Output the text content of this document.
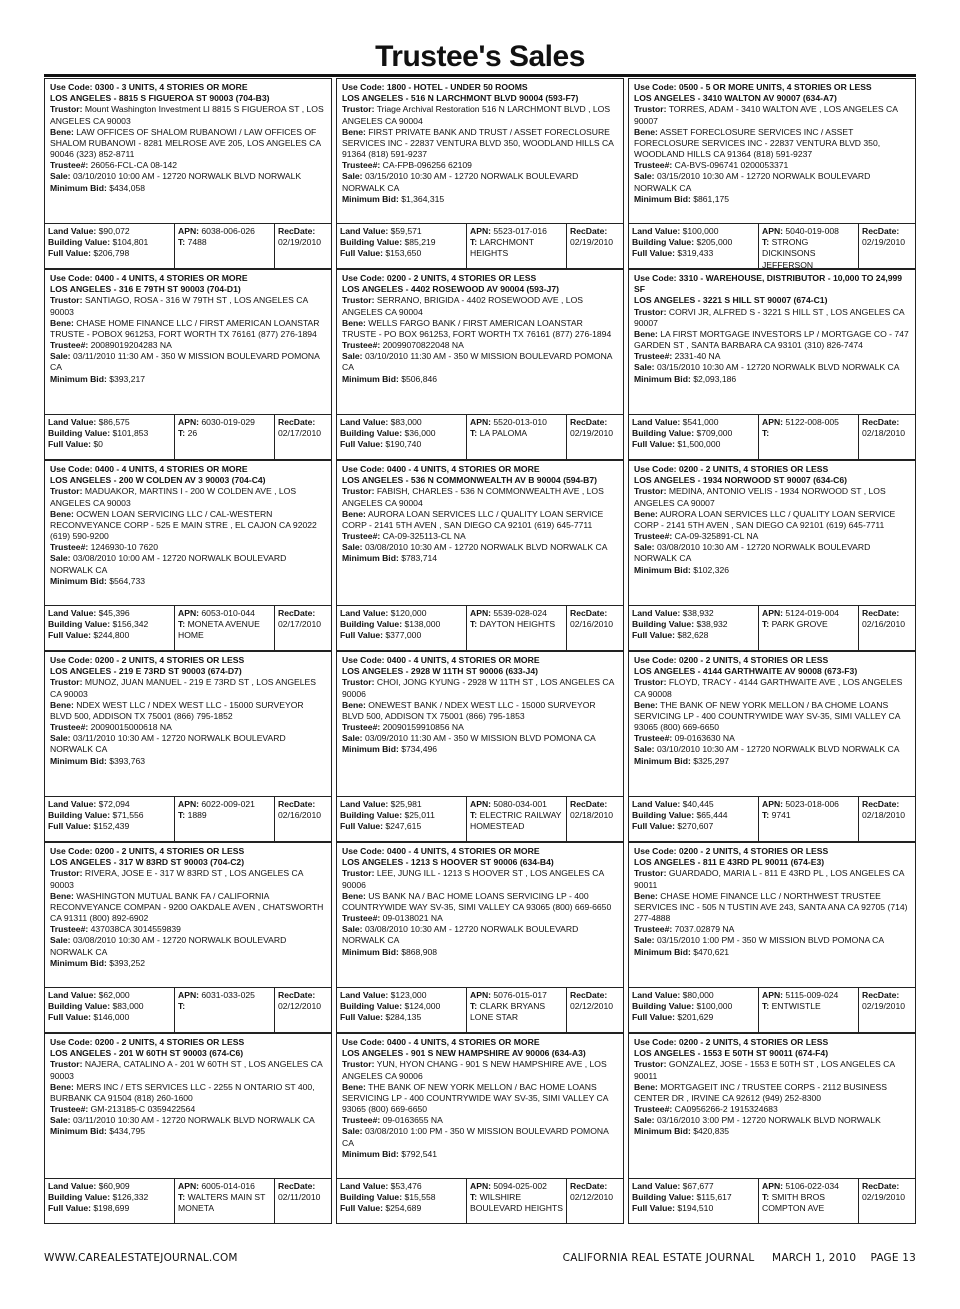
Trustee's Sales
Use Code: 0300 - 3 UNITS, 4 STORIES OR MORE
LOS ANGELES - 8815 S FIGUEROA ST 90003 (704-B3)
Trustor: Mount Washington Investment Ll 8815 S FIGUEROA ST , LOS ANGELES CA 90003
Bene: LAW OFFICES OF SHALOM RUBANOWI / LAW OFFICES OF SHALOM RUBANOWI - 8281 MELROSE AVE 205, LOS ANGELES CA 90046 (323) 852-8711
Trustee#: 26056-FCL-CA 08-142
Sale: 03/10/2010 10:00 AM - 12720 NORWALK BLVD NORWALK
Minimum Bid: $434,058
Land Value: $90,072
Building Value: $104,801
Full Value: $206,798
APN: 6038-006-026
T: 7488
RecDate:
02/19/2010
Use Code: 1800 - HOTEL - UNDER 50 ROOMS
LOS ANGELES - 516 N LARCHMONT BLVD 90004 (593-F7)
Trustor: Triage Archival Restoration 516 N LARCHMONT BLVD , LOS ANGELES CA 90004
Bene: FIRST PRIVATE BANK AND TRUST / ASSET FORECLOSURE SERVICES INC - 22837 VENTURA BLVD 350, WOODLAND HILLS CA 91364 (818) 591-9237
Trustee#: CA-FPB-096256 62109
Sale: 03/15/2010 10:30 AM - 12720 NORWALK BOULEVARD NORWALK CA
Minimum Bid: $1,364,315
Land Value: $59,571
Building Value: $85,219
Full Value: $153,650
APN: 5523-017-016
T: LARCHMONT HEIGHTS
RecDate:
02/19/2010
Use Code: 0500 - 5 OR MORE UNITS, 4 STORIES OR LESS
LOS ANGELES - 3410 WALTON AV 90007 (634-A7)
Trustor: TORRES, ADAM - 3410 WALTON AVE , LOS ANGELES CA 90007
Bene: ASSET FORECLOSURE SERVICES INC / ASSET FORECLOSURE SERVICES INC - 22837 VENTURA BLVD 350, WOODLAND HILLS CA 91364 (818) 591-9237
Trustee#: CA-BVS-096741 0200053371
Sale: 03/15/2010 10:30 AM - 12720 NORWALK BOULEVARD NORWALK CA
Minimum Bid: $861,175
Land Value: $100,000
Building Value: $205,000
Full Value: $319,433
APN: 5040-019-008
T: STRONG DICKINSONS JEFFERSON
RecDate:
02/19/2010
Use Code: 0400 - 4 UNITS, 4 STORIES OR MORE
LOS ANGELES - 316 E 79TH ST 90003 (704-D1)
Trustor: SANTIAGO, ROSA - 316 W 79TH ST , LOS ANGELES CA 90003
Bene: CHASE HOME FINANCE LLC / FIRST AMERICAN LOANSTAR TRUSTE - POBOX 961253, FORT WORTH TX 76161 (877) 276-1894
Trustee#: 20089019204283 NA
Sale: 03/11/2010 11:30 AM - 350 W MISSION BOULEVARD POMONA CA
Minimum Bid: $393,217
Land Value: $86,575
Building Value: $101,853
Full Value: $0
APN: 6030-019-029
T: 26
RecDate:
02/17/2010
Use Code: 0200 - 2 UNITS, 4 STORIES OR LESS
LOS ANGELES - 4402 ROSEWOOD AV 90004 (593-J7)
Trustor: SERRANO, BRIGIDA - 4402 ROSEWOOD AVE , LOS ANGELES CA 90004
Bene: WELLS FARGO BANK / FIRST AMERICAN LOANSTAR TRUSTE - PO BOX 961253, FORT WORTH TX 76161 (877) 276-1894
Trustee#: 20099070822048 NA
Sale: 03/10/2010 11:30 AM - 350 W MISSION BOULEVARD POMONA CA
Minimum Bid: $506,846
Land Value: $83,000
Building Value: $36,000
Full Value: $190,740
APN: 5520-013-010
T: LA PALOMA
RecDate:
02/19/2010
Use Code: 3310 - WAREHOUSE, DISTRIBUTOR - 10,000 TO 24,999 SF
LOS ANGELES - 3221 S HILL ST 90007 (674-C1)
Trustor: CORVI JR, ALFRED S - 3221 S HILL ST , LOS ANGELES CA 90007
Bene: LA FIRST MORTGAGE INVESTORS LP / MORTGAGE CO - 747 GARDEN ST , SANTA BARBARA CA 93101 (310) 826-7474
Trustee#: 2331-40 NA
Sale: 03/15/2010 10:30 AM - 12720 NORWALK BLVD NORWALK CA
Minimum Bid: $2,093,186
Land Value: $541,000
Building Value: $709,000
Full Value: $1,500,000
APN: 5122-008-005
T:
RecDate:
02/18/2010
Use Code: 0400 - 4 UNITS, 4 STORIES OR MORE
LOS ANGELES - 200 W COLDEN AV 3 90003 (704-C4)
Trustor: MADUAKOR, MARTINS I - 200 W COLDEN AVE , LOS ANGELES CA 90003
Bene: OCWEN LOAN SERVICING LLC / CAL-WESTERN RECONVEYANCE CORP - 525 E MAIN STRE , EL CAJON CA 92022 (619) 590-9200
Trustee#: 1246930-10 7620
Sale: 03/08/2010 10:00 AM - 12720 NORWALK BOULEVARD NORWALK CA
Minimum Bid: $564,733
Land Value: $45,396
Building Value: $156,342
Full Value: $244,800
APN: 6053-010-044
T: MONETA AVENUE HOME
RecDate:
02/17/2010
Use Code: 0400 - 4 UNITS, 4 STORIES OR MORE
LOS ANGELES - 536 N COMMONWEALTH AV B 90004 (594-B7)
Trustor: FABISH, CHARLES - 536 N COMMONWEALTH AVE , LOS ANGELES CA 90004
Bene: AURORA LOAN SERVICES LLC / QUALITY LOAN SERVICE CORP - 2141 5TH AVEN , SAN DIEGO CA 92101 (619) 645-7711
Trustee#: CA-09-325113-CL NA
Sale: 03/08/2010 10:30 AM - 12720 NORWALK BLVD NORWALK CA
Minimum Bid: $783,714
Land Value: $120,000
Building Value: $138,000
Full Value: $377,000
APN: 5539-028-024
T: DAYTON HEIGHTS
RecDate:
02/16/2010
Use Code: 0200 - 2 UNITS, 4 STORIES OR LESS
LOS ANGELES - 1934 NORWOOD ST 90007 (634-C6)
Trustor: MEDINA, ANTONIO VELIS - 1934 NORWOOD ST , LOS ANGELES CA 90007
Bene: AURORA LOAN SERVICES LLC / QUALITY LOAN SERVICE CORP - 2141 5TH AVEN , SAN DIEGO CA 92101 (619) 645-7711
Trustee#: CA-09-325891-CL NA
Sale: 03/08/2010 10:30 AM - 12720 NORWALK BOULEVARD NORWALK CA
Minimum Bid: $102,326
Land Value: $38,932
Building Value: $38,932
Full Value: $82,628
APN: 5124-019-004
T: PARK GROVE
RecDate:
02/16/2010
Use Code: 0200 - 2 UNITS, 4 STORIES OR LESS
LOS ANGELES - 219 E 73RD ST 90003 (674-D7)
Trustor: MUNOZ, JUAN MANUEL - 219 E 73RD ST , LOS ANGELES CA 90003
Bene: NDEX WEST LLC / NDEX WEST LLC - 15000 SURVEYOR BLVD 500, ADDISON TX 75001 (866) 795-1852
Trustee#: 20090015000618 NA
Sale: 03/11/2010 10:30 AM - 12720 NORWALK BOULEVARD NORWALK CA
Minimum Bid: $393,763
Land Value: $72,094
Building Value: $71,556
Full Value: $152,439
APN: 6022-009-021
T: 1889
RecDate:
02/16/2010
Use Code: 0400 - 4 UNITS, 4 STORIES OR MORE
LOS ANGELES - 2928 W 11TH ST 90006 (633-J4)
Trustor: CHOI, JONG KYUNG - 2928 W 11TH ST , LOS ANGELES CA 90006
Bene: ONEWEST BANK / NDEX WEST LLC - 15000 SURVEYOR BLVD 500, ADDISON TX 75001 (866) 795-1853
Trustee#: 20090159910856 NA
Sale: 03/09/2010 11:30 AM - 350 W MISSION BLVD POMONA CA
Minimum Bid: $734,496
Land Value: $25,981
Building Value: $25,011
Full Value: $247,615
APN: 5080-034-001
T: ELECTRIC RAILWAY HOMESTEAD
RecDate:
02/18/2010
Use Code: 0200 - 2 UNITS, 4 STORIES OR LESS
LOS ANGELES - 4144 GARTHWAITE AV 90008 (673-F3)
Trustor: FLOYD, TRACY - 4144 GARTHWAITE AVE , LOS ANGELES CA 90008
Bene: THE BANK OF NEW YORK MELLON / BA CHOME LOANS SERVICING LP - 400 COUNTRYWIDE WAY SV-35, SIMI VALLEY CA 93065 (800) 669-6650
Trustee#: 09-0163630 NA
Sale: 03/10/2010 10:30 AM - 12720 NORWALK BLVD NORWALK CA
Minimum Bid: $325,297
Land Value: $40,445
Building Value: $65,444
Full Value: $270,607
APN: 5023-018-006
T: 9741
RecDate:
02/18/2010
Use Code: 0200 - 2 UNITS, 4 STORIES OR LESS
LOS ANGELES - 317 W 83RD ST 90003 (704-C2)
Trustor: RIVERA, JOSE E - 317 W 83RD ST , LOS ANGELES CA 90003
Bene: WASHINGTON MUTUAL BANK FA / CALIFORNIA RECONVEYANCE COMPAN - 9200 OAKDALE AVEN , CHATSWORTH CA 91311 (800) 892-6902
Trustee#: 437038CA 3014559839
Sale: 03/08/2010 10:30 AM - 12720 NORWALK BOULEVARD NORWALK CA
Minimum Bid: $393,252
Land Value: $62,000
Building Value: $83,000
Full Value: $146,000
APN: 6031-033-025
T:
RecDate:
02/12/2010
Use Code: 0400 - 4 UNITS, 4 STORIES OR MORE
LOS ANGELES - 1213 S HOOVER ST 90006 (634-B4)
Trustor: LEE, JUNG ILL - 1213 S HOOVER ST , LOS ANGELES CA 90006
Bene: US BANK NA / BAC HOME LOANS SERVICING LP - 400 COUNTRYWIDE WAY SV-35, SIMI VALLEY CA 93065 (800) 669-6650
Trustee#: 09-0138021 NA
Sale: 03/08/2010 10:30 AM - 12720 NORWALK BOULEVARD NORWALK CA
Minimum Bid: $868,908
Land Value: $123,000
Building Value: $124,000
Full Value: $284,135
APN: 5076-015-017
T: CLARK BRYANS LONE STAR
RecDate:
02/12/2010
Use Code: 0200 - 2 UNITS, 4 STORIES OR LESS
LOS ANGELES - 811 E 43RD PL 90011 (674-E3)
Trustor: GUARDADO, MARIA L - 811 E 43RD PL , LOS ANGELES CA 90011
Bene: CHASE HOME FINANCE LLC / NORTHWEST TRUSTEE SERVICES INC - 505 N TUSTIN AVE 243, SANTA ANA CA 92705 (714) 277-4888
Trustee#: 7037.02879 NA
Sale: 03/15/2010 1:00 PM - 350 W MISSION BLVD POMONA CA
Minimum Bid: $470,621
Land Value: $80,000
Building Value: $100,000
Full Value: $201,629
APN: 5115-009-024
T: ENTWISTLE
RecDate:
02/19/2010
Use Code: 0200 - 2 UNITS, 4 STORIES OR LESS
LOS ANGELES - 201 W 60TH ST 90003 (674-C6)
Trustor: NAJERA, CATALINO A - 201 W 60TH ST , LOS ANGELES CA 90003
Bene: MERS INC / ETS SERVICES LLC - 2255 N ONTARIO ST 400, BURBANK CA 91504 (818) 260-1600
Trustee#: GM-213185-C 0359422564
Sale: 03/11/2010 10:30 AM - 12720 NORWALK BLVD NORWALK CA
Minimum Bid: $434,795
Land Value: $60,909
Building Value: $126,332
Full Value: $198,699
APN: 6005-014-016
T: WALTERS MAIN ST MONETA
RecDate:
02/11/2010
Use Code: 0400 - 4 UNITS, 4 STORIES OR MORE
LOS ANGELES - 901 S NEW HAMPSHIRE AV 90006 (634-A3)
Trustor: YUN, HYON CHANG - 901 S NEW HAMPSHIRE AVE , LOS ANGELES CA 90006
Bene: THE BANK OF NEW YORK MELLON / BAC HOME LOANS SERVICING LP - 400 COUNTRYWIDE WAY SV-35, SIMI VALLEY CA 93065 (800) 669-6650
Trustee#: 09-0163655 NA
Sale: 03/08/2010 1:00 PM - 350 W MISSION BOULEVARD POMONA CA
Minimum Bid: $792,541
Land Value: $53,476
Building Value: $15,558
Full Value: $254,689
APN: 5094-025-002
T: WILSHIRE BOULEVARD HEIGHTS
RecDate:
02/12/2010
Use Code: 0200 - 2 UNITS, 4 STORIES OR LESS
LOS ANGELES - 1553 E 50TH ST 90011 (674-F4)
Trustor: GONZALEZ, JOSE - 1553 E 50TH ST , LOS ANGELES CA 90011
Bene: MORTGAGEIT INC / TRUSTEE CORPS - 2112 BUSINESS CENTER DR , IRVINE CA 92612 (949) 252-8300
Trustee#: CA0956266-2 1915324683
Sale: 03/16/2010 3:00 PM - 12720 NORWALK BLVD NORWALK
Minimum Bid: $420,835
Land Value: $67,677
Building Value: $115,617
Full Value: $194,510
APN: 5106-022-034
T: SMITH BROS COMPTON AVE
RecDate:
02/19/2010
WWW.CAREALESTATEJOURNAL.COM	CALIFORNIA REAL ESTATE JOURNAL     MARCH 1, 2010    PAGE 13
